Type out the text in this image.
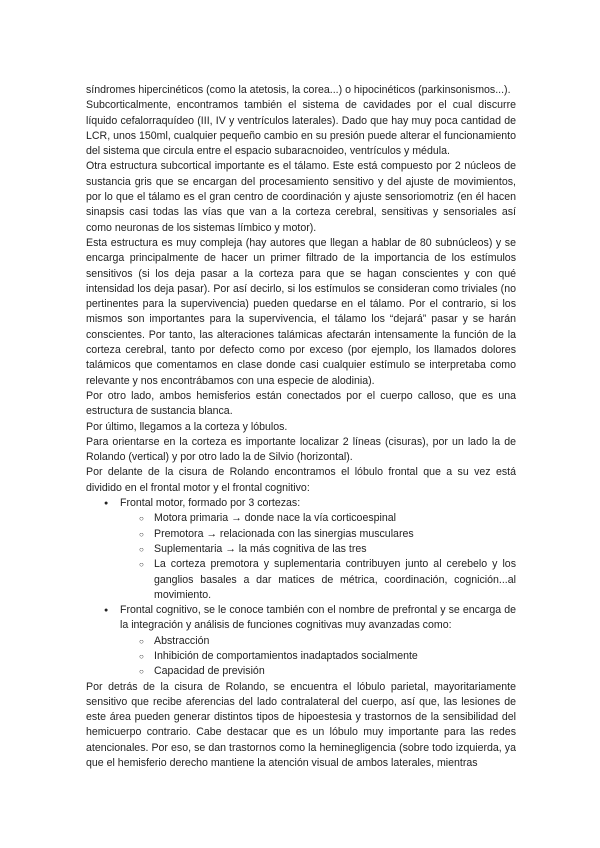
síndromes hipercinéticos (como la atetosis, la corea...) o hipocinéticos (parkinsonismos...).

Subcorticalmente, encontramos también el sistema de cavidades por el cual discurre líquido cefalorraquídeo (III, IV y ventrículos laterales). Dado que hay muy poca cantidad de LCR, unos 150ml, cualquier pequeño cambio en su presión puede alterar el funcionamiento del sistema que circula entre el espacio subaracnoideo, ventrículos y médula.

Otra estructura subcortical importante es el tálamo. Este está compuesto por 2 núcleos de sustancia gris que se encargan del procesamiento sensitivo y del ajuste de movimientos, por lo que el tálamo es el gran centro de coordinación y ajuste sensoriomotriz (en él hacen sinapsis casi todas las vías que van a la corteza cerebral, sensitivas y sensoriales así como neuronas de los sistemas límbico y motor).

Esta estructura es muy compleja (hay autores que llegan a hablar de 80 subnúcleos) y se encarga principalmente de hacer un primer filtrado de la importancia de los estímulos sensitivos (si los deja pasar a la corteza para que se hagan conscientes y con qué intensidad los deja pasar). Por así decirlo, si los estímulos se consideran como triviales (no pertinentes para la supervivencia) pueden quedarse en el tálamo. Por el contrario, si los mismos son importantes para la supervivencia, el tálamo los “dejará” pasar y se harán conscientes. Por tanto, las alteraciones talámicas afectarán intensamente la función de la corteza cerebral, tanto por defecto como por exceso (por ejemplo, los llamados dolores talámicos que comentamos en clase donde casi cualquier estímulo se interpretaba como relevante y nos encontrábamos con una especie de alodinia).

Por otro lado, ambos hemisferios están conectados por el cuerpo calloso, que es una estructura de sustancia blanca.

Por último, llegamos a la corteza y lóbulos.

Para orientarse en la corteza es importante localizar 2 líneas (cisuras), por un lado la de Rolando (vertical) y por otro lado la de Silvio (horizontal).

Por delante de la cisura de Rolando encontramos el lóbulo frontal que a su vez está dividido en el frontal motor y el frontal cognitivo:

● Frontal motor, formado por 3 cortezas:
○ Motora primaria → donde nace la vía corticoespinal
○ Premotora → relacionada con las sinergias musculares
○ Suplementaria → la más cognitiva de las tres
○ La corteza premotora y suplementaria contribuyen junto al cerebelo y los ganglios basales a dar matices de métrica, coordinación, cognición...al movimiento.
● Frontal cognitivo, se le conoce también con el nombre de prefrontal y se encarga de la integración y análisis de funciones cognitivas muy avanzadas como:
○ Abstracción
○ Inhibición de comportamientos inadaptados socialmente
○ Capacidad de previsión

Por detrás de la cisura de Rolando, se encuentra el lóbulo parietal, mayoritariamente sensitivo que recibe aferencias del lado contralateral del cuerpo, así que, las lesiones de este área pueden generar distintos tipos de hipoestesia y trastornos de la sensibilidad del hemicuerpo contrario. Cabe destacar que es un lóbulo muy importante para las redes atencionales. Por eso, se dan trastornos como la heminegligencia (sobre todo izquierda, ya que el hemisferio derecho mantiene la atención visual de ambos laterales, mientras
